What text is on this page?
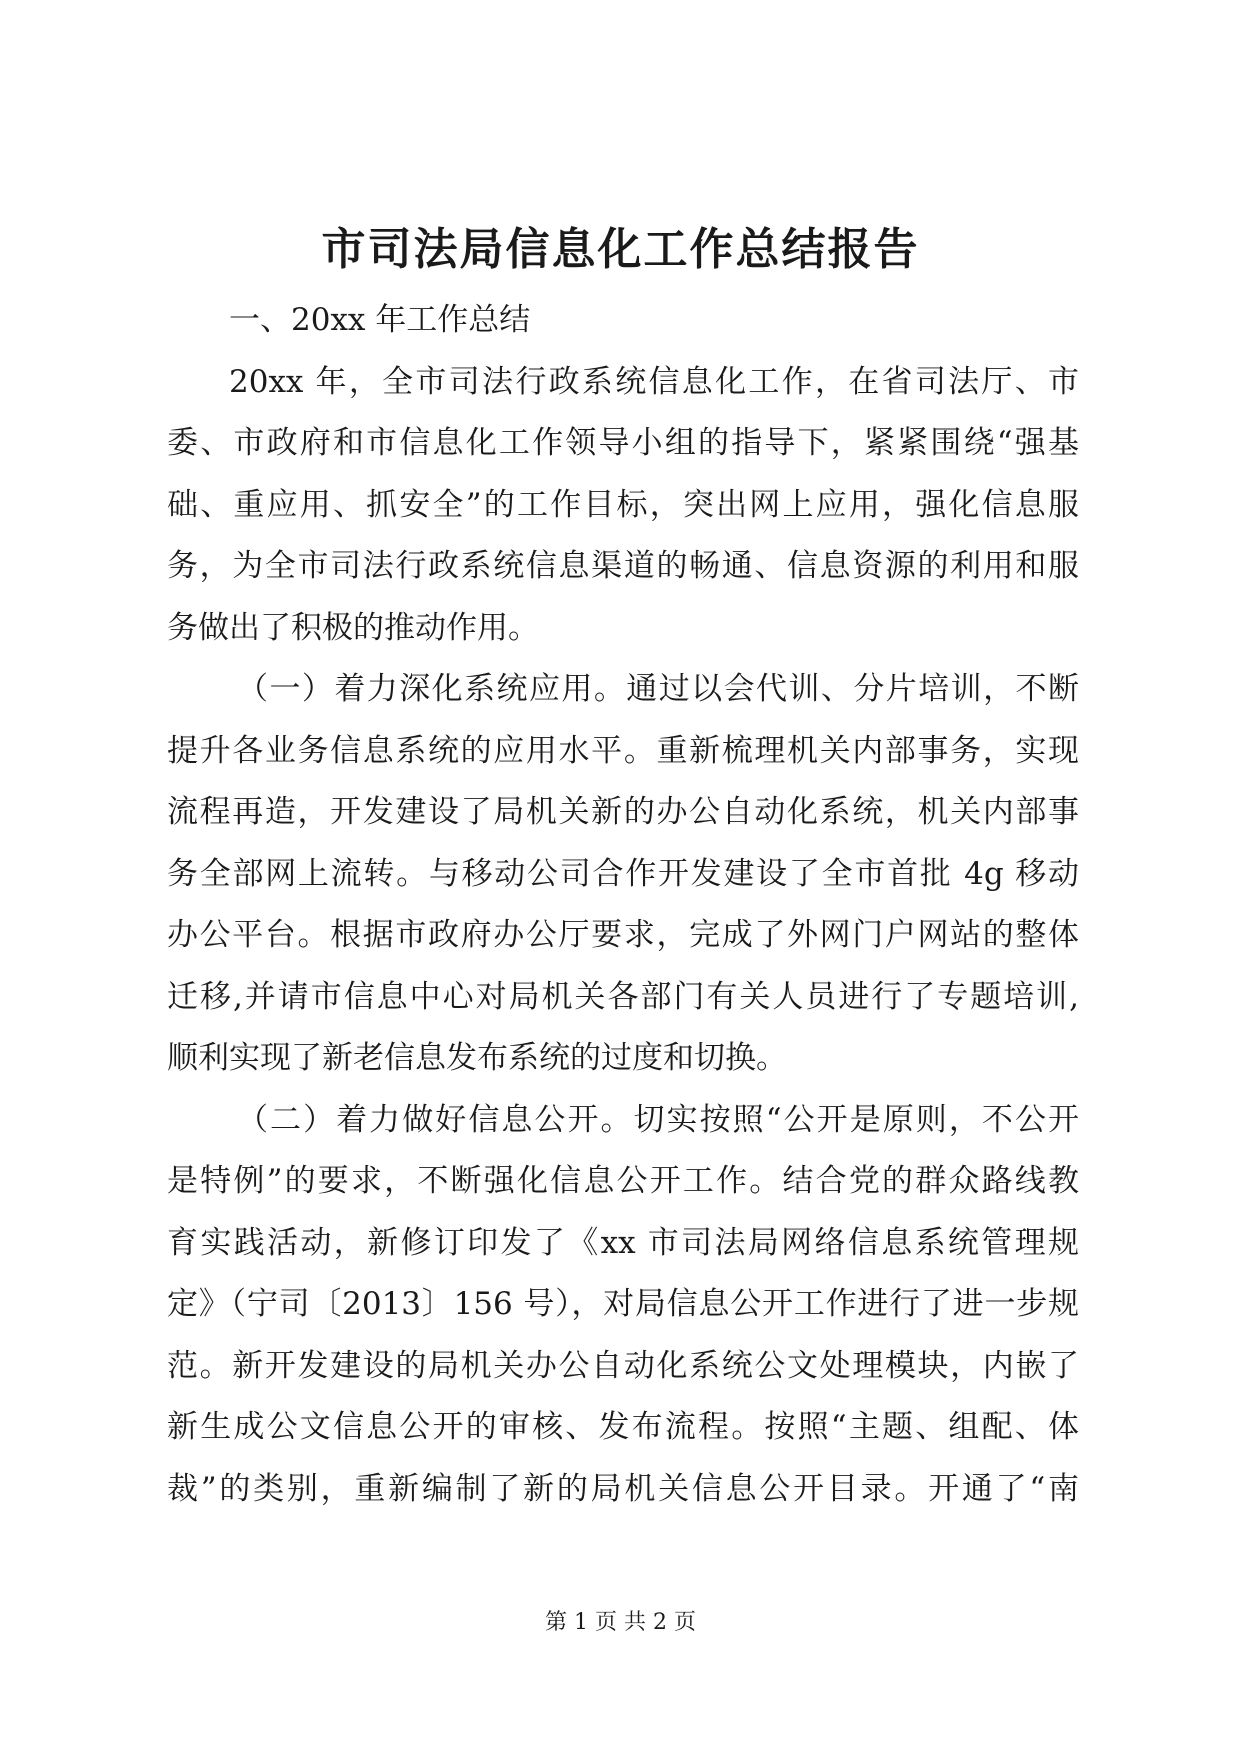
市司法局信息化工作总结报告
一、20xx 年工作总结
20xx 年，全市司法行政系统信息化工作，在省司法厅、市
委、市政府和市信息化工作领导小组的指导下，紧紧围绕“强基
础、重应用、抓安全”的工作目标，突出网上应用，强化信息服
务，为全市司法行政系统信息渠道的畅通、信息资源的利用和服
务做出了积极的推动作用。
（一）着力深化系统应用。通过以会代训、分片培训，不断
提升各业务信息系统的应用水平。重新梳理机关内部事务，实现
流程再造，开发建设了局机关新的办公自动化系统，机关内部事
务全部网上流转。与移动公司合作开发建设了全市首批 4g 移动
办公平台。根据市政府办公厅要求，完成了外网门户网站的整体
迁移,并请市信息中心对局机关各部门有关人员进行了专题培训,
顺利实现了新老信息发布系统的过度和切换。
（二）着力做好信息公开。切实按照“公开是原则，不公开
是特例”的要求，不断强化信息公开工作。结合党的群众路线教
育实践活动，新修订印发了《xx 市司法局网络信息系统管理规
定》（宁司〔2013〕156 号），对局信息公开工作进行了进一步规
范。新开发建设的局机关办公自动化系统公文处理模块，内嵌了
新生成公文信息公开的审核、发布流程。按照“主题、组配、体
裁”的类别，重新编制了新的局机关信息公开目录。开通了“南
第 1 页 共 2 页
